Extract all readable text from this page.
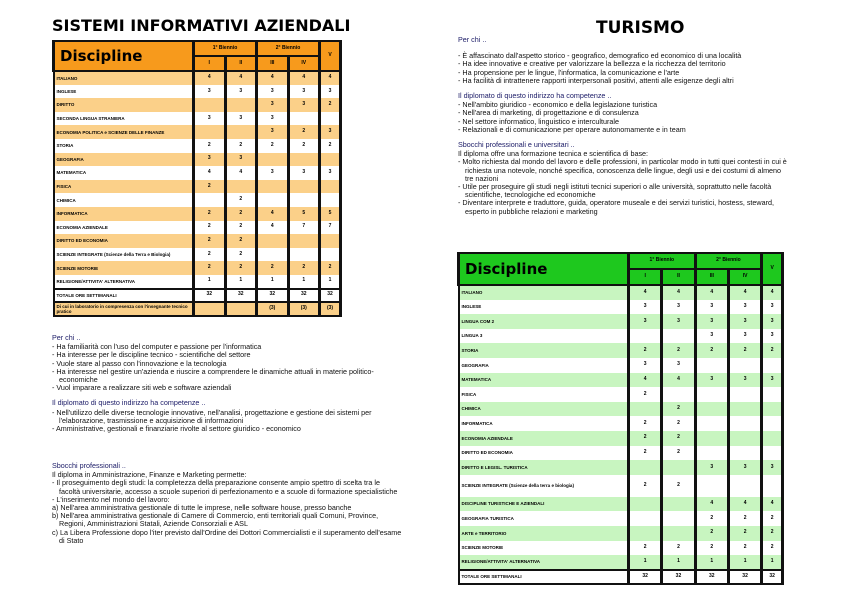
SISTEMI INFORMATIVI AZIENDALI	TURISMO
Discipline	1° Biennio		2° Biennio		V
	I	II	III	IV	
ITALIANO	4	4	4	4	4
INGLESE	3	3	3	3	3
DIRITTO			3	3	2
SECONDA LINGUA STRANIERA	3	3	3		
ECONOMIA POLITICA e SCIENZE DELLE FINANZE			3	2	3
STORIA	2	2	2	2	2
GEOGRAFIA	3	3			
MATEMATICA	4	4	3	3	3
FISICA	2				
CHIMICA		2			
INFORMATICA	2	2	4	5	5
ECONOMIA AZIENDALE	2	2	4	7	7
DIRITTO ED ECONOMIA	2	2			
SCIENZE INTEGRATE (Scienze della Terra e Biologia)	2	2			
SCIENZE MOTORIE	2	2	2	2	2
RELIGIONE/ATTIVITA' ALTERNATIVA	1	1	1	1	1
TOTALE ORE SETTIMANALI	32	32	32	32	32
Di cui in laboratorio in compresenza con l'insegnante tecnico pratico			(3)	(3)	(3)
Discipline	1° Biennio		2° Biennio		V
	I	II	III	IV	
ITALIANO	4	4	4	4	4
INGLESE	3	3	3	3	3
LINGUA COM 2	3	3	3	3	3
LINGUA 3			3	3	3
STORIA	2	2	2	2	2
GEOGRAFIA	3	3			
MATEMATICA	4	4	3	3	3
FISICA	2				
CHIMICA		2			
INFORMATICA	2	2			
ECONOMIA AZIENDALE	2	2			
DIRITTO ED ECONOMIA	2	2			
DIRITTO E LEGISL. TURISTICA			3	3	3
SCIENZE INTEGRATE (Scienze della terra e biologia)	2	2			
DISCIPLINE TURISTICHE E AZIENDALI			4	4	4
GEOGRAFIA TURISTICA			2	2	2
ARTE e TERRITORIO			2	2	2
SCIENZE MOTORIE	2	2	2	2	2
RELIGIONE/ATTIVITA' ALTERNATIVA	1	1	1	1	1
TOTALE ORE SETTIMANALI	32	32	32	32	32
Per chi ..
- Ha familiarità con l'uso del computer e passione per l'informatica
- Ha interesse per le discipline tecnico - scientifiche del settore
- Vuole stare al passo con l'innovazione e la tecnologia
- Ha interesse nel gestire un'azienda e riuscire a comprendere le dinamiche attuali in materie politico-economiche
- Vuol imparare a realizzare siti web e software aziendali
Il diplomato di questo indirizzo ha competenze ..
- Nell'utilizzo delle diverse tecnologie innovative, nell'analisi, progettazione e gestione dei sistemi per l'elaborazione, trasmissione e acquisizione di informazioni
- Amministrative, gestionali e finanziarie rivolte al settore giuridico - economico
Sbocchi professionali ..
Il diploma in Amministrazione, Finanze e Marketing permette:
- Il proseguimento degli studi: la completezza della preparazione consente ampio spettro di scelta tra le facoltà universitarie, accesso a scuole superiori di perfezionamento e a scuole di formazione specialistiche
- L'inserimento nel mondo del lavoro:
a) Nell'area amministrativa gestionale di tutte le imprese, nelle software house, presso banche
b) Nell'area amministrativa gestionale di Camere di Commercio, enti territoriali quali Comuni, Province, Regioni, Amministrazioni Statali, Aziende Consorziali e ASL
c) La Libera Professione dopo l'iter previsto dall'Ordine dei Dottori Commercialisti e il superamento dell'esame di Stato
Per chi ..
- È affascinato dall'aspetto storico - geografico, demografico ed economico di una località
- Ha idee innovative e creative per valorizzare la bellezza e la ricchezza del territorio
- Ha propensione per le lingue, l'informatica, la comunicazione e l'arte
- Ha facilità di intrattenere rapporti interpersonali positivi, attenti alle esigenze degli altri
Il diplomato di questo indirizzo ha competenze ..
- Nell'ambito giuridico - economico e della legislazione turistica
- Nell'area di marketing, di progettazione e di consulenza
- Nel settore informatico, linguistico e interculturale
- Relazionali e di comunicazione per operare autonomamente e in team
Sbocchi professionali e universitari ..
Il diploma offre una formazione tecnica e scientifica di base:
- Molto richiesta dal mondo del lavoro e delle professioni, in particolar modo in tutti quei contesti in cui è richiesta una notevole, nonché specifica, conoscenza delle lingue, degli usi e dei costumi di almeno tre nazioni
- Utile per proseguire gli studi negli istituti tecnici superiori o alle università, soprattutto nelle facoltà scientifiche, tecnologiche ed economiche
- Diventare interprete e traduttore, guida, operatore museale e dei servizi turistici, hostess, steward, esperto in pubbliche relazioni e marketing
